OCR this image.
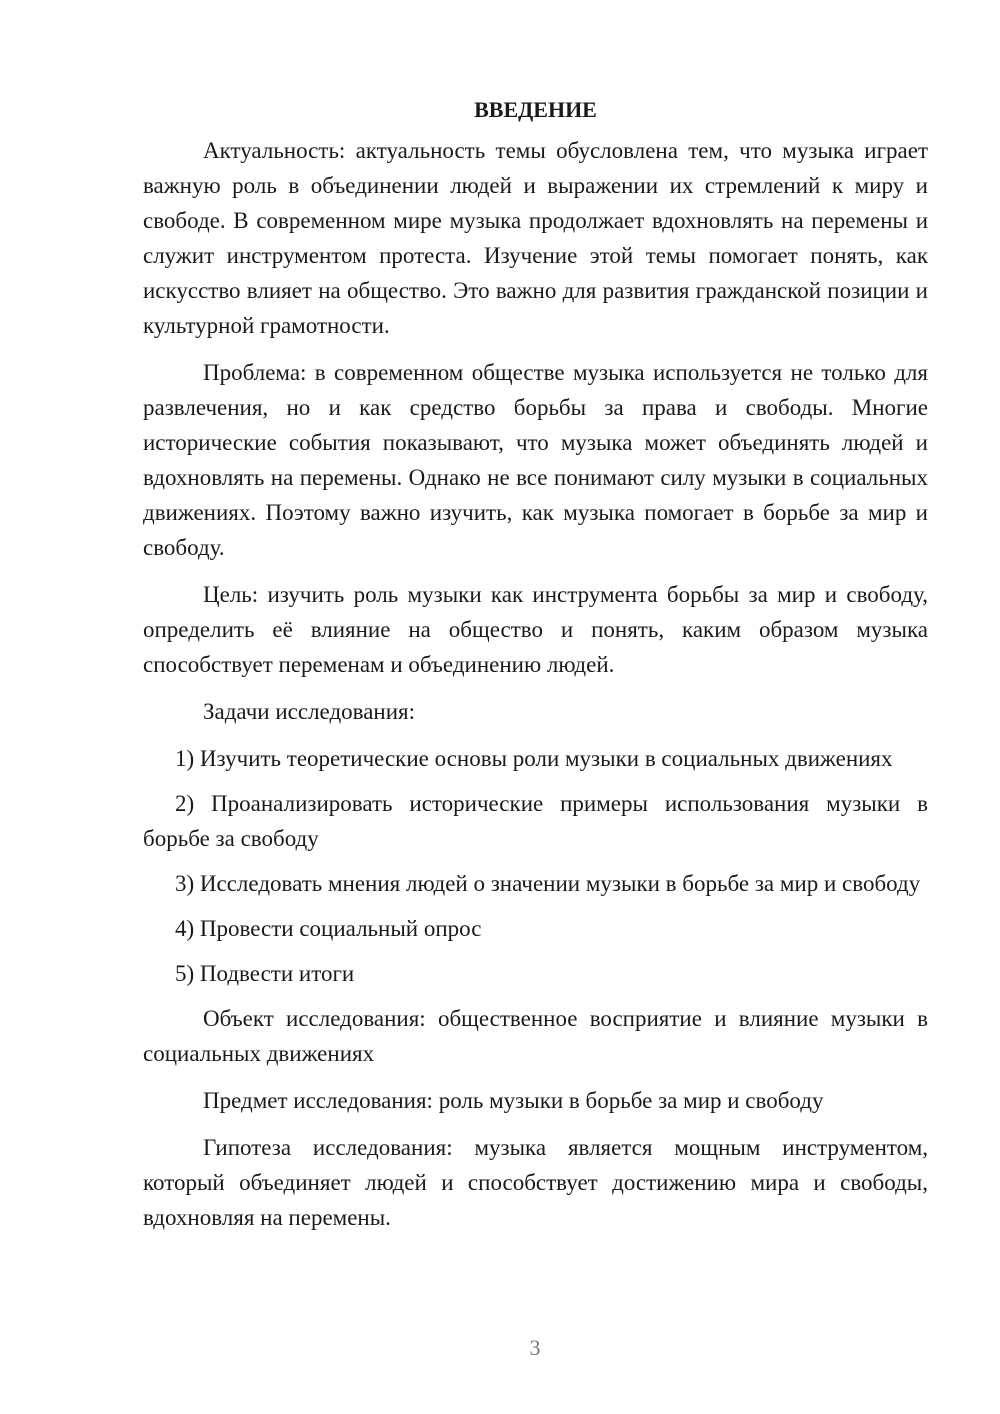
ВВЕДЕНИЕ

Актуальность: актуальность темы обусловлена тем, что музыка играет важную роль в объединении людей и выражении их стремлений к миру и свободе. В современном мире музыка продолжает вдохновлять на перемены и служит инструментом протеста. Изучение этой темы помогает понять, как искусство влияет на общество. Это важно для развития гражданской позиции и культурной грамотности.

Проблема: в современном обществе музыка используется не только для развлечения, но и как средство борьбы за права и свободы. Многие исторические события показывают, что музыка может объединять людей и вдохновлять на перемены. Однако не все понимают силу музыки в социальных движениях. Поэтому важно изучить, как музыка помогает в борьбе за мир и свободу.

Цель: изучить роль музыки как инструмента борьбы за мир и свободу, определить её влияние на общество и понять, каким образом музыка способствует переменам и объединению людей.

Задачи исследования:

1) Изучить теоретические основы роли музыки в социальных движениях

2) Проанализировать исторические примеры использования музыки в борьбе за свободу

3) Исследовать мнения людей о значении музыки в борьбе за мир и свободу

4) Провести социальный опрос

5) Подвести итоги

Объект исследования: общественное восприятие и влияние музыки в социальных движениях

Предмет исследования: роль музыки в борьбе за мир и свободу

Гипотеза исследования: музыка является мощным инструментом, который объединяет людей и способствует достижению мира и свободы, вдохновляя на перемены.

3
